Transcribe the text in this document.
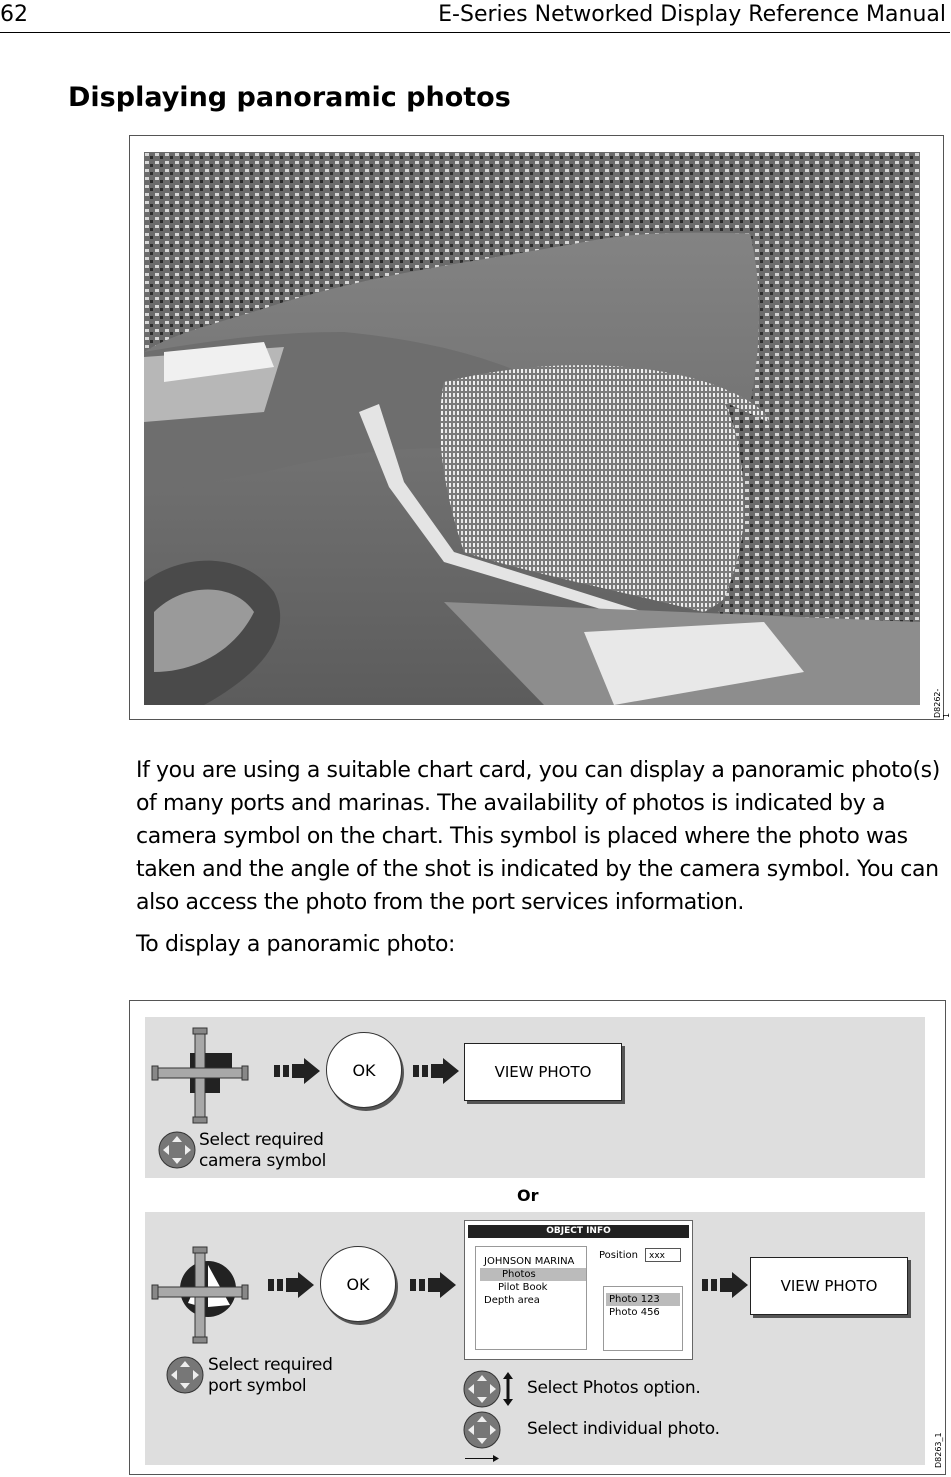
62	E-Series Networked Display Reference Manual
Displaying panoramic photos
D8262-1
If you are using a suitable chart card, you can display a panoramic photo(s) of many ports and marinas. The availability of photos is indicated by a camera symbol on the chart. This symbol is placed where the photo was taken and the angle of the shot is indicated by the camera symbol. You can also access the photo from the port services information.
To display a panoramic photo:
Or
OK	VIEW PHOTO
Select required
camera symbol
OK
OBJECT INFO
JOHNSON MARINA
Photos
Pilot Book
Depth area
Position	xxx
Photo 123
Photo 456
VIEW PHOTO
Select required
port symbol	Select Photos option.
Select individual photo.
D8263_1
